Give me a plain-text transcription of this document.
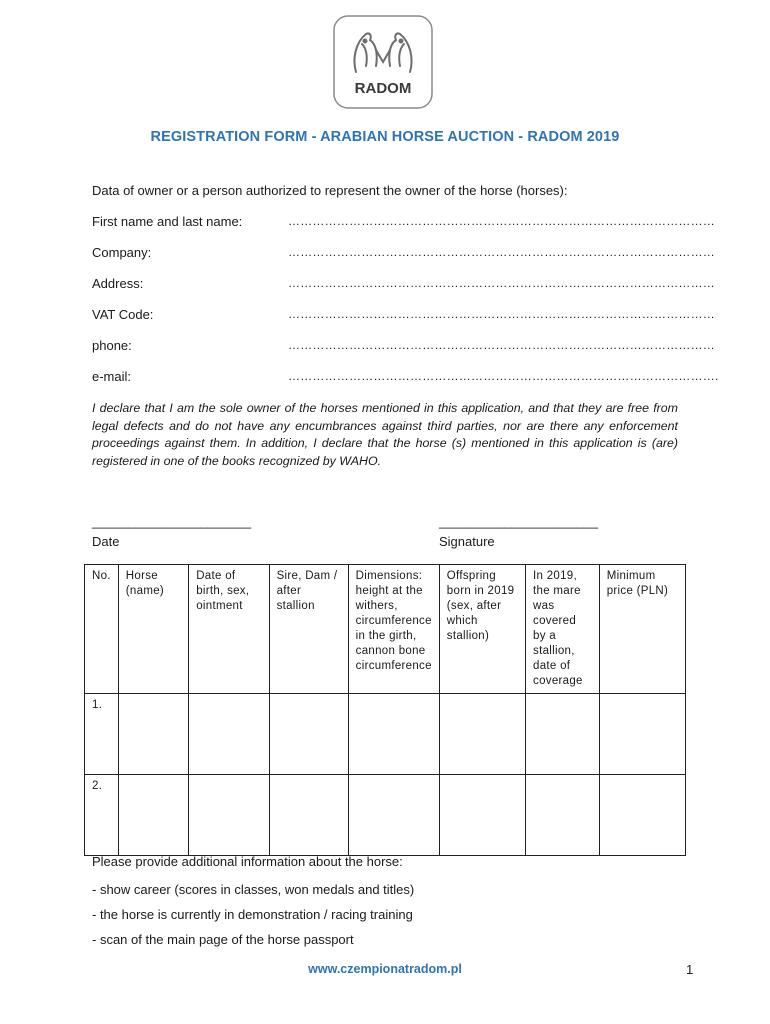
RADOM
REGISTRATION FORM - ARABIAN HORSE AUCTION - RADOM 2019
Data of owner or a person authorized to represent the owner of the horse (horses):
First name and last name:	……………………………………………………………………………………………
Company:	……………………………………………………………………………………………
Address:	……………………………………………………………………………………………
VAT Code:	……………………………………………………………………………………………
phone:	……………………………………………………………………………………………
e-mail:	…………………………………………………………………………………………….
I declare that I am the sole owner of the horses mentioned in this application, and that they are free from legal defects and do not have any encumbrances against third parties, nor are there any enforcement proceedings against them. In addition, I declare that the horse (s) mentioned in this application is (are) registered in one of the books recognized by WAHO.
______________________	______________________
Date	Signature
No.	Horse (name)	Date of birth, sex, ointment	Sire, Dam / after stallion	Dimensions: height at the withers, circumference in the girth, cannon bone circumference	Offspring born in 2019 (sex, after which stallion)	In 2019, the mare was covered by a stallion, date of coverage	Minimum price (PLN)
1.							
2.							
Please provide additional information about the horse:
- show career (scores in classes, won medals and titles)
- the horse is currently in demonstration / racing training
- scan of the main page of the horse passport
www.czempionatradom.pl	1
